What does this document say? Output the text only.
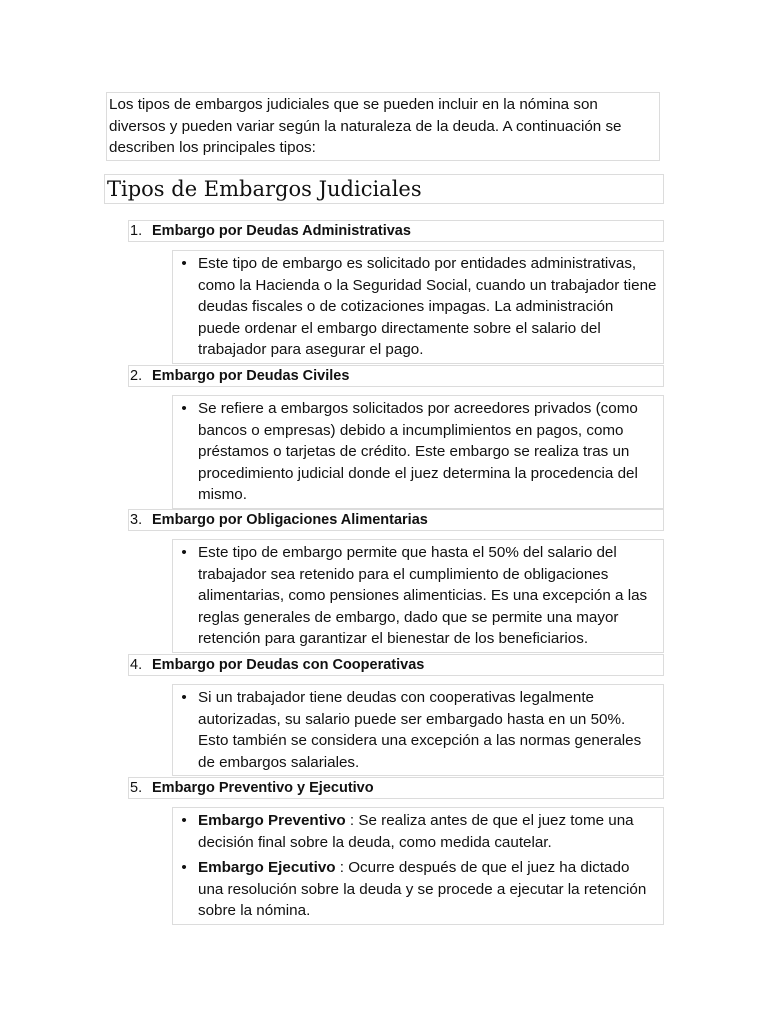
Los tipos de embargos judiciales que se pueden incluir en la nómina son diversos y pueden variar según la naturaleza de la deuda. A continuación se describen los principales tipos:
Tipos de Embargos Judiciales
1. Embargo por Deudas Administrativas
• Este tipo de embargo es solicitado por entidades administrativas, como la Hacienda o la Seguridad Social, cuando un trabajador tiene deudas fiscales o de cotizaciones impagas. La administración puede ordenar el embargo directamente sobre el salario del trabajador para asegurar el pago.
2. Embargo por Deudas Civiles
• Se refiere a embargos solicitados por acreedores privados (como bancos o empresas) debido a incumplimientos en pagos, como préstamos o tarjetas de crédito. Este embargo se realiza tras un procedimiento judicial donde el juez determina la procedencia del mismo.
3. Embargo por Obligaciones Alimentarias
• Este tipo de embargo permite que hasta el 50% del salario del trabajador sea retenido para el cumplimiento de obligaciones alimentarias, como pensiones alimenticias. Es una excepción a las reglas generales de embargo, dado que se permite una mayor retención para garantizar el bienestar de los beneficiarios.
4. Embargo por Deudas con Cooperativas
• Si un trabajador tiene deudas con cooperativas legalmente autorizadas, su salario puede ser embargado hasta en un 50%. Esto también se considera una excepción a las normas generales de embargos salariales.
5. Embargo Preventivo y Ejecutivo
• Embargo Preventivo : Se realiza antes de que el juez tome una decisión final sobre la deuda, como medida cautelar.
• Embargo Ejecutivo : Ocurre después de que el juez ha dictado una resolución sobre la deuda y se procede a ejecutar la retención sobre la nómina.
